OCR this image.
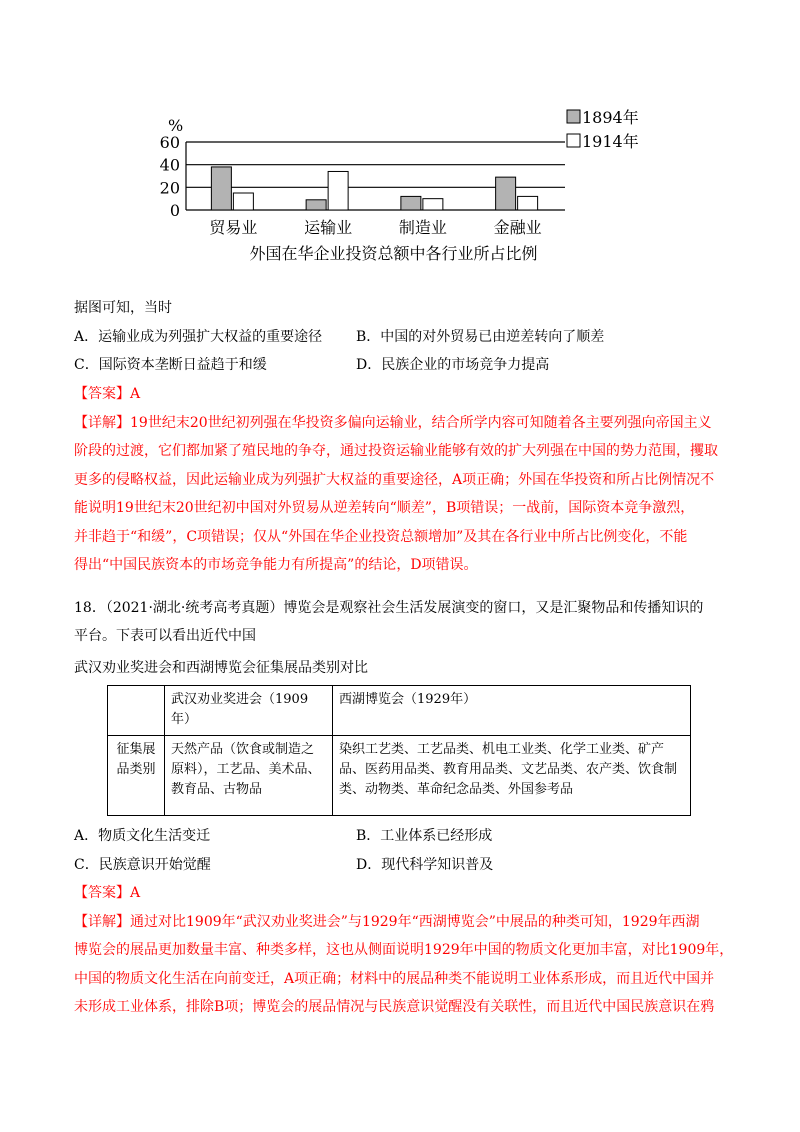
%
60
40
20
0
贸易业	运输业	制造业	金融业
外国在华企业投资总额中各行业所占比例
1894年
1914年
据图可知，当时
A．运输业成为列强扩大权益的重要途径 B．中国的对外贸易已由逆差转向了顺差
C．国际资本垄断日益趋于和缓	D．民族企业的市场竞争力提高
【答案】A
【详解】19世纪末20世纪初列强在华投资多偏向运输业，结合所学内容可知随着各主要列强向帝国主义
阶段的过渡，它们都加紧了殖民地的争夺，通过投资运输业能够有效的扩大列强在中国的势力范围，攫取
更多的侵略权益，因此运输业成为列强扩大权益的重要途径，A项正确；外国在华投资和所占比例情况不
能说明19世纪末20世纪初中国对外贸易从逆差转向“顺差”，B项错误；一战前，国际资本竞争激烈，
并非趋于“和缓”，C项错误；仅从“外国在华企业投资总额增加”及其在各行业中所占比例变化，不能
得出“中国民族资本的市场竞争能力有所提高”的结论，D项错误。
18．（2021·湖北·统考高考真题）博览会是观察社会生活发展演变的窗口，又是汇聚物品和传播知识的
平台。下表可以看出近代中国
武汉劝业奖进会和西湖博览会征集展品类别对比
	武汉劝业奖进会（1909年）	西湖博览会（1929年）
征集展品类别	天然产品（饮食或制造之原料），工艺品、美术品、教育品、古物品	染织工艺类、工艺品类、机电工业类、化学工业类、矿产品、医药用品类、教育用品类、文艺品类、农产类、饮食制类、动物类、革命纪念品类、外国参考品
A．物质文化生活变迁	B．工业体系已经形成
C．民族意识开始觉醒	D．现代科学知识普及
【答案】A
【详解】通过对比1909年“武汉劝业奖进会”与1929年“西湖博览会”中展品的种类可知，1929年西湖
博览会的展品更加数量丰富、种类多样，这也从侧面说明1929年中国的物质文化更加丰富，对比1909年，
中国的物质文化生活在向前变迁，A项正确；材料中的展品种类不能说明工业体系形成，而且近代中国并
未形成工业体系，排除B项；博览会的展品情况与民族意识觉醒没有关联性，而且近代中国民族意识在鸦
